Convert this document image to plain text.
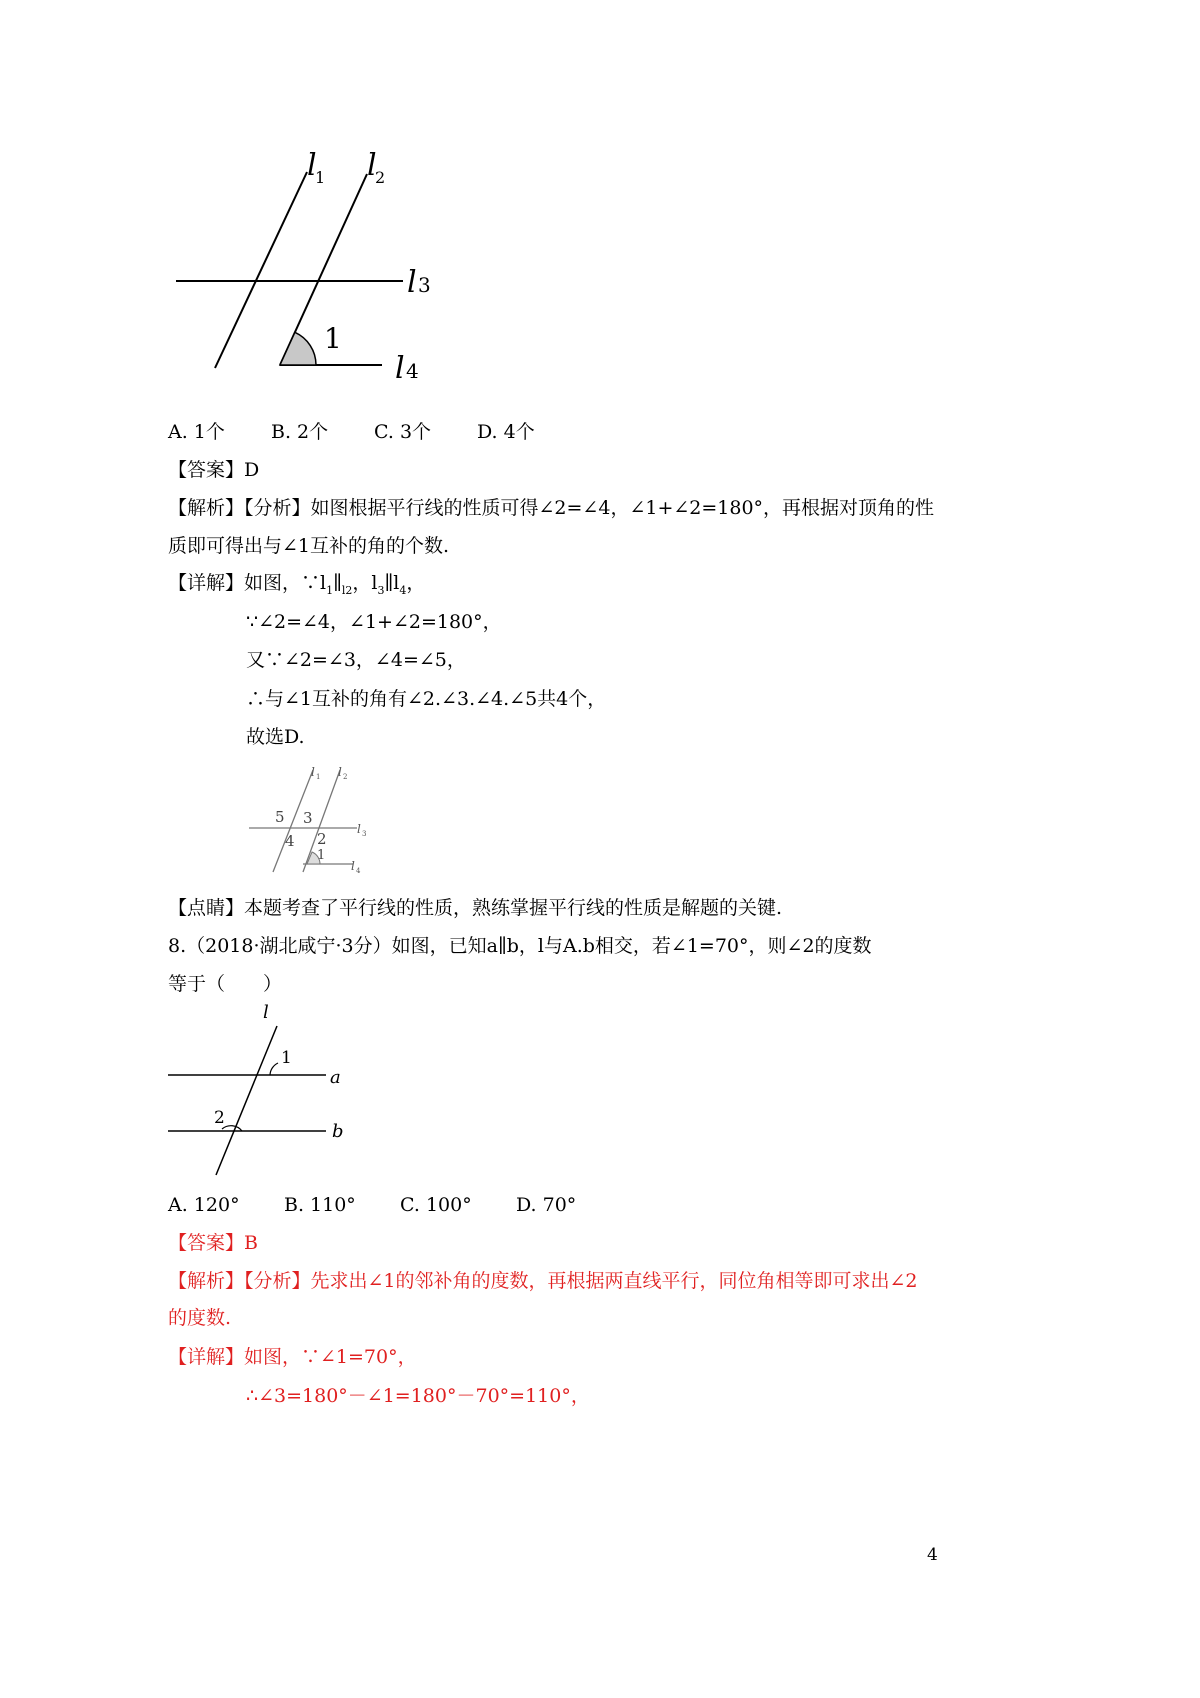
l
1 l
2
l 3
l 4
1
A. 1个 B. 2个 C. 3个 D. 4个
【答案】D
【解析】【分析】如图根据平行线的性质可得∠2=∠4，∠1+∠2=180°，再根据对顶角的性
质即可得出与∠1互补的角的个数.
【详解】如图，$\because l_1\parallel_{l2}$，$l_3\parallel l_4$，
∵∠2=∠4，∠1+∠2=180°，
又∵∠2=∠3，∠4=∠5，
∴与∠1互补的角有∠2.∠3.∠4.∠5共4个，
故选D.
l 1 l 2
l 3
l 4
5 3
4 2
1
【点睛】本题考查了平行线的性质，熟练掌握平行线的性质是解题的关键.
8.（2018·湖北咸宁·3分）如图，已知a∥b，l与A.b相交，若∠1=70°，则∠2的度数
等于（　　）
l
a
b
1
2
A. 120° B. 110° C. 100° D. 70°
【答案】B
【解析】【分析】先求出∠1的邻补角的度数，再根据两直线平行，同位角相等即可求出∠2
的度数.
【详解】如图，∵∠1=70°，
∴∠3=180°－∠1=180°－70°=110°，
4
